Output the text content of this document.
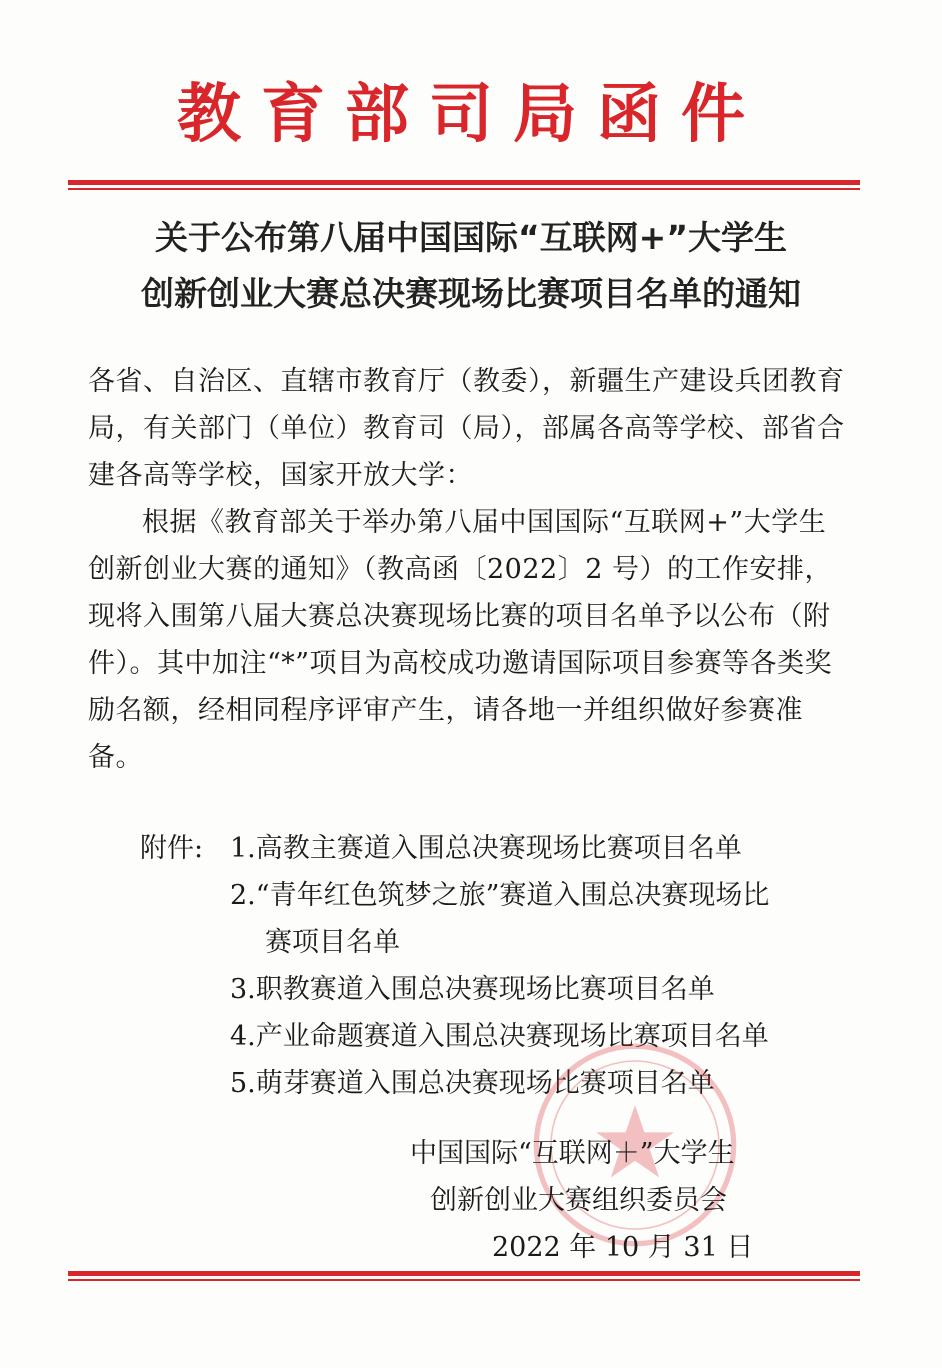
教育部司局函件
关于公布第八届中国国际“互联网+”大学生
创新创业大赛总决赛现场比赛项目名单的通知

各省、自治区、直辖市教育厅（教委），新疆生产建设兵团教育局，有关部门（单位）教育司（局），部属各高等学校、部省合建各高等学校，国家开放大学：

根据《教育部关于举办第八届中国国际“互联网+”大学生创新创业大赛的通知》（教高函〔2022〕2 号）的工作安排，现将入围第八届大赛总决赛现场比赛的项目名单予以公布（附件）。其中加注“*”项目为高校成功邀请国际项目参赛等各类奖励名额，经相同程序评审产生，请各地一并组织做好参赛准备。

附件: 1.高教主赛道入围总决赛现场比赛项目名单
2.“青年红色筑梦之旅”赛道入围总决赛现场比
赛项目名单
3.职教赛道入围总决赛现场比赛项目名单
4.产业命题赛道入围总决赛现场比赛项目名单
5.萌芽赛道入围总决赛现场比赛项目名单
中国国际“互联网＋”大学生
创新创业大赛组织委员会
2022 年 10 月 31 日
